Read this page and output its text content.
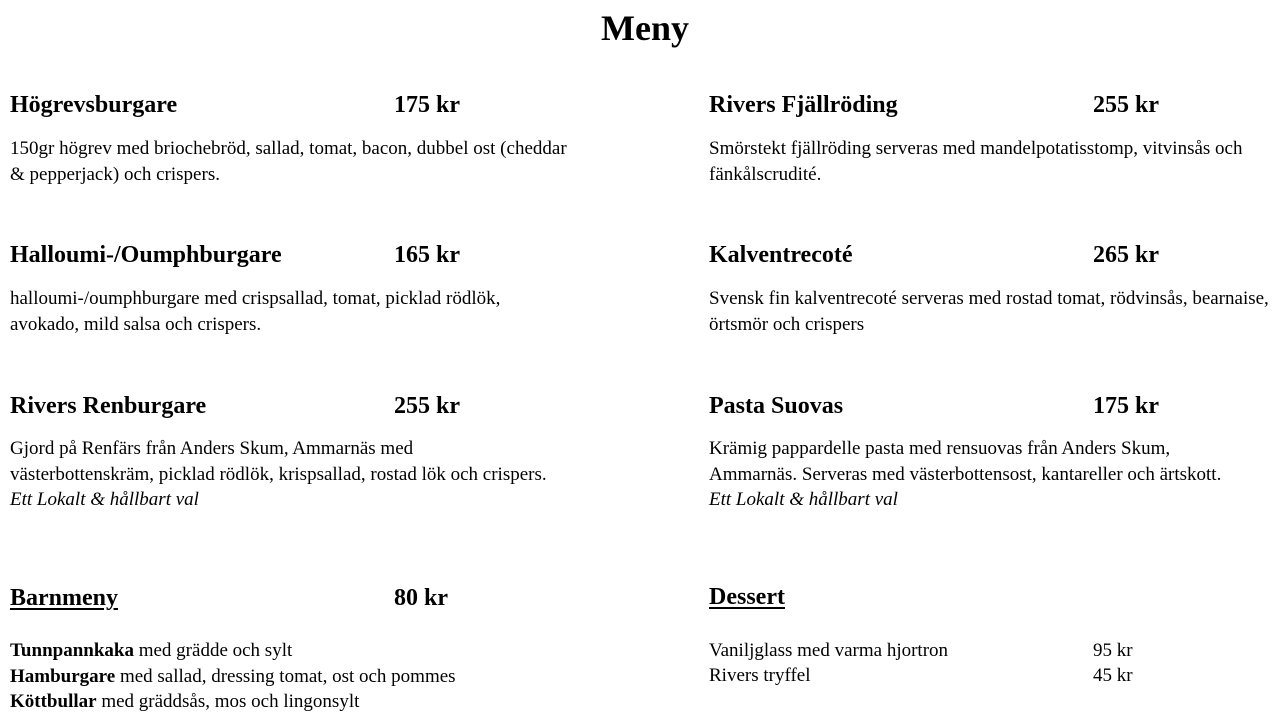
Meny
Högrevsburgare	175 kr
150gr högrev med briochebröd, sallad, tomat, bacon, dubbel ost (cheddar & pepperjack) och crispers.
Halloumi-/Oumphburgare	165 kr
halloumi-/oumphburgare med crispsallad, tomat, picklad rödlök, avokado, mild salsa och crispers.
Rivers Renburgare	255 kr
Gjord på Renfärs från Anders Skum, Ammarnäs med västerbottenskräm, picklad rödlök, krispsallad, rostad lök och crispers.
Ett Lokalt & hållbart val
Barnmeny	80 kr
Tunnpannkaka med grädde och sylt
Hamburgare med sallad, dressing tomat, ost och pommes
Köttbullar med gräddsås, mos och lingonsylt
Rivers Fjällröding	255 kr
Smörstekt fjällröding serveras med mandelpotatisstomp, vitvinsås och fänkålscrudité.
Kalventrecoté	265 kr
Svensk fin kalventrecoté serveras med rostad tomat, rödvinsås, bearnaise, örtsmör och crispers
Pasta Suovas	175 kr
Krämig pappardelle pasta med rensuovas från Anders Skum, Ammarnäs. Serveras med västerbottensost, kantareller och ärtskott.
Ett Lokalt & hållbart val
Dessert
Vaniljglass med varma hjortron	95 kr
Rivers tryffel	45 kr
